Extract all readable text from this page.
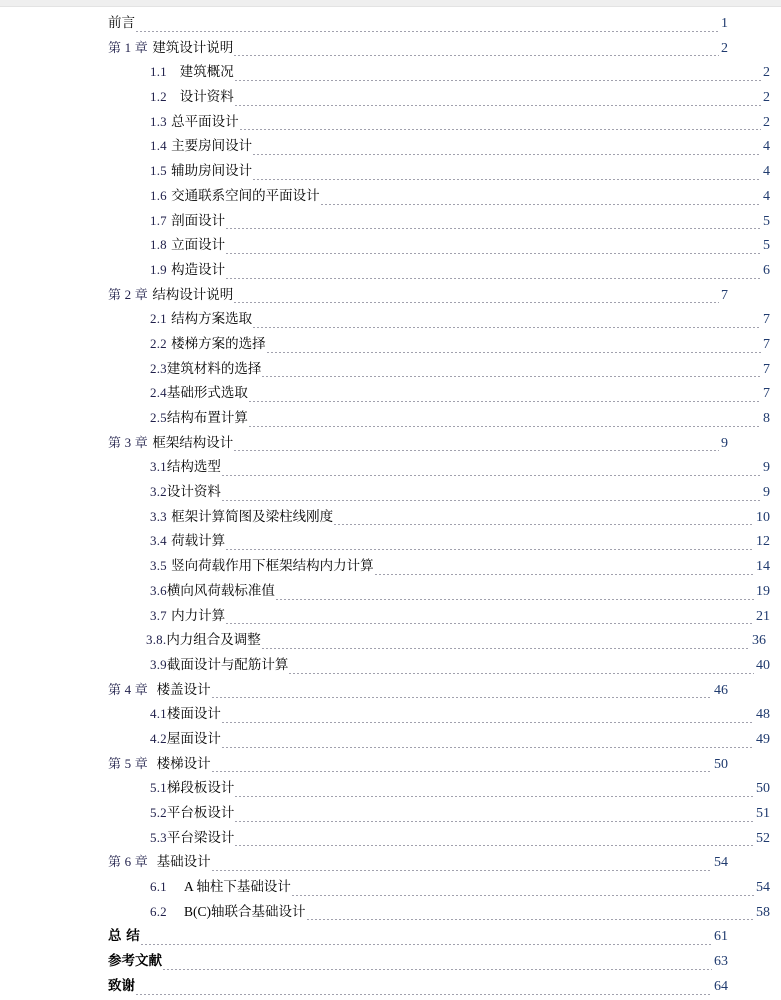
前言	1
第 1 章 建筑设计说明	2
1.1 建筑概况	2
1.2 设计资料	2
1.3 总平面设计	2
1.4 主要房间设计	4
1.5 辅助房间设计	4
1.6 交通联系空间的平面设计	4
1.7 剖面设计	5
1.8 立面设计	5
1.9 构造设计	6
第 2 章 结构设计说明	7
2.1 结构方案选取	7
2.2 楼梯方案的选择	7
2.3建筑材料的选择	7
2.4基础形式选取	7
2.5结构布置计算	8
第 3 章 框架结构设计	9
3.1结构选型	9
3.2设计资料	9
3.3 框架计算简图及梁柱线刚度	10
3.4 荷载计算	12
3.5 竖向荷载作用下框架结构内力计算	14
3.6横向风荷载标准值	19
3.7 内力计算	21
3.8.内力组合及调整	36
3.9截面设计与配筋计算	40
第 4 章 楼盖设计	46
4.1楼面设计	48
4.2屋面设计	49
第 5 章 楼梯设计	50
5.1梯段板设计	50
5.2平台板设计	51
5.3平台梁设计	52
第 6 章 基础设计	54
6.1 A 轴柱下基础设计	54
6.2 B(C)轴联合基础设计	58
总 结	61
参考文献	63
致谢	64
